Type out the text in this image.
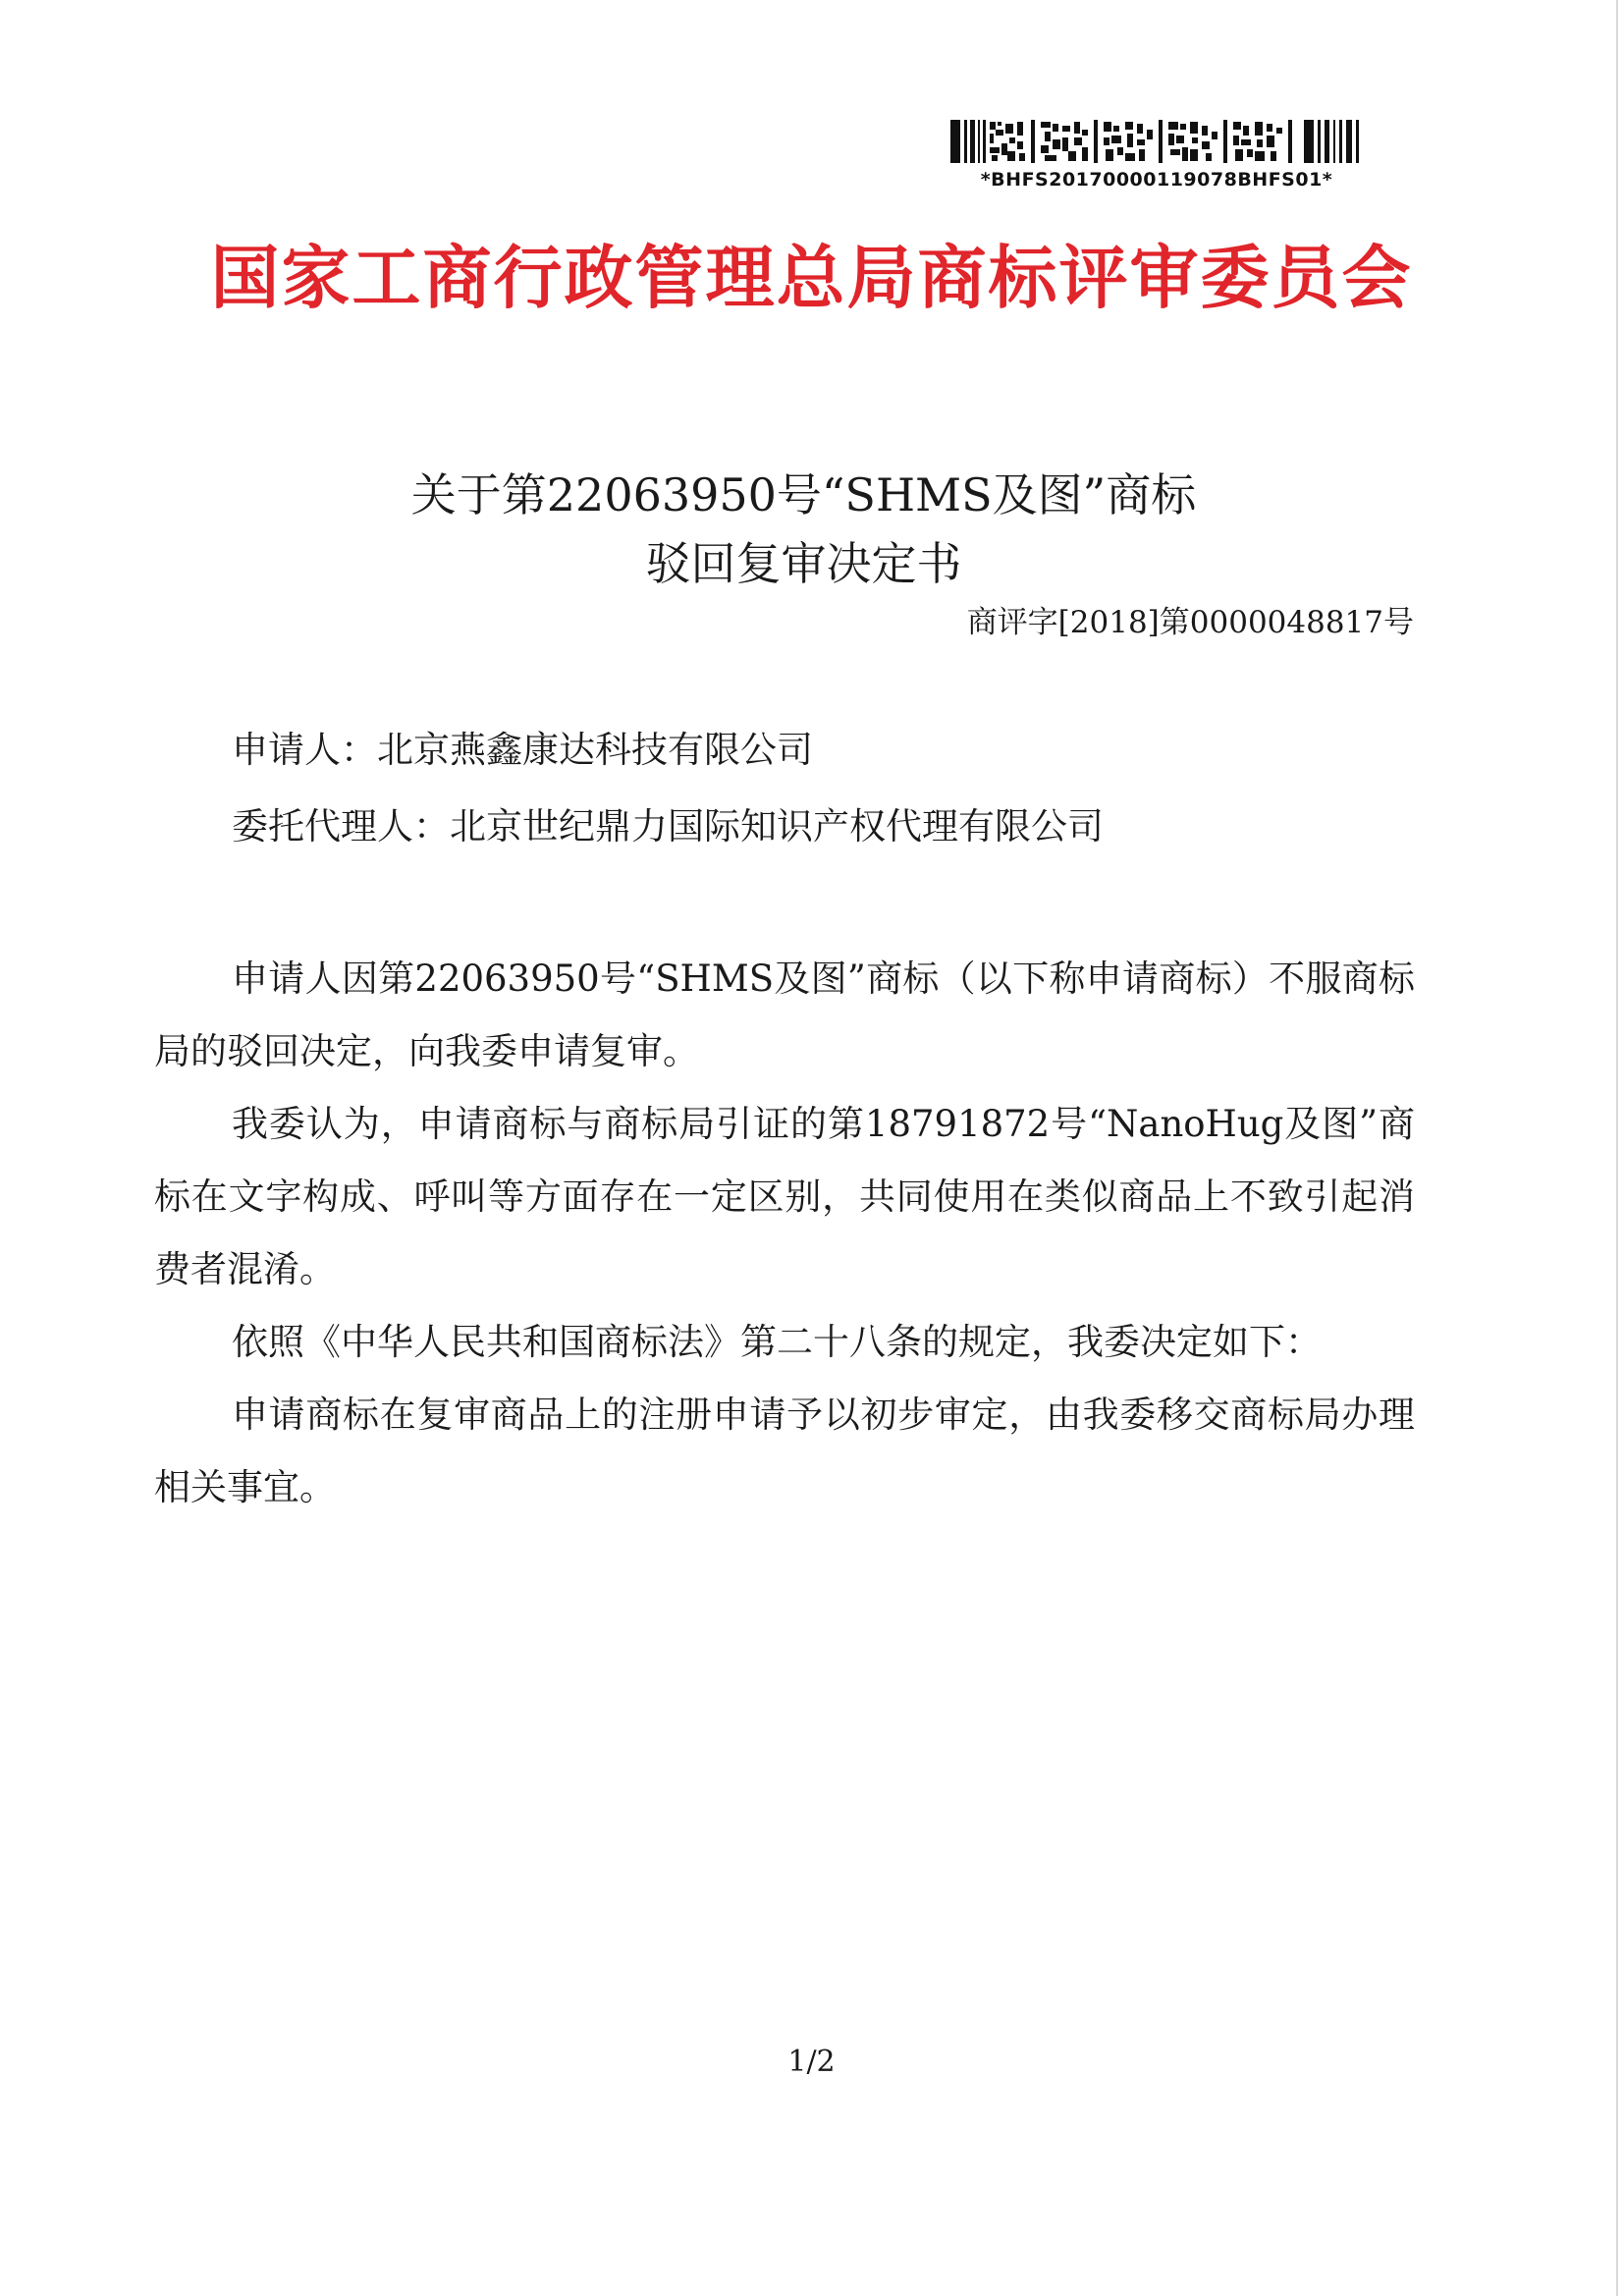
*BHFS20170000119078BHFS01*
国家工商行政管理总局商标评审委员会
关于第22063950号“SHMS及图”商标
驳回复审决定书
商评字[2018]第0000048817号
申请人：北京燕鑫康达科技有限公司
委托代理人：北京世纪鼎力国际知识产权代理有限公司

申请人因第22063950号“SHMS及图”商标（以下称申请商标）不服商标局的驳回决定，向我委申请复审。

我委认为，申请商标与商标局引证的第18791872号“NanoHug及图”商标在文字构成、呼叫等方面存在一定区别，共同使用在类似商品上不致引起消费者混淆。

依照《中华人民共和国商标法》第二十八条的规定，我委决定如下：

申请商标在复审商品上的注册申请予以初步审定，由我委移交商标局办理相关事宜。

1/2
